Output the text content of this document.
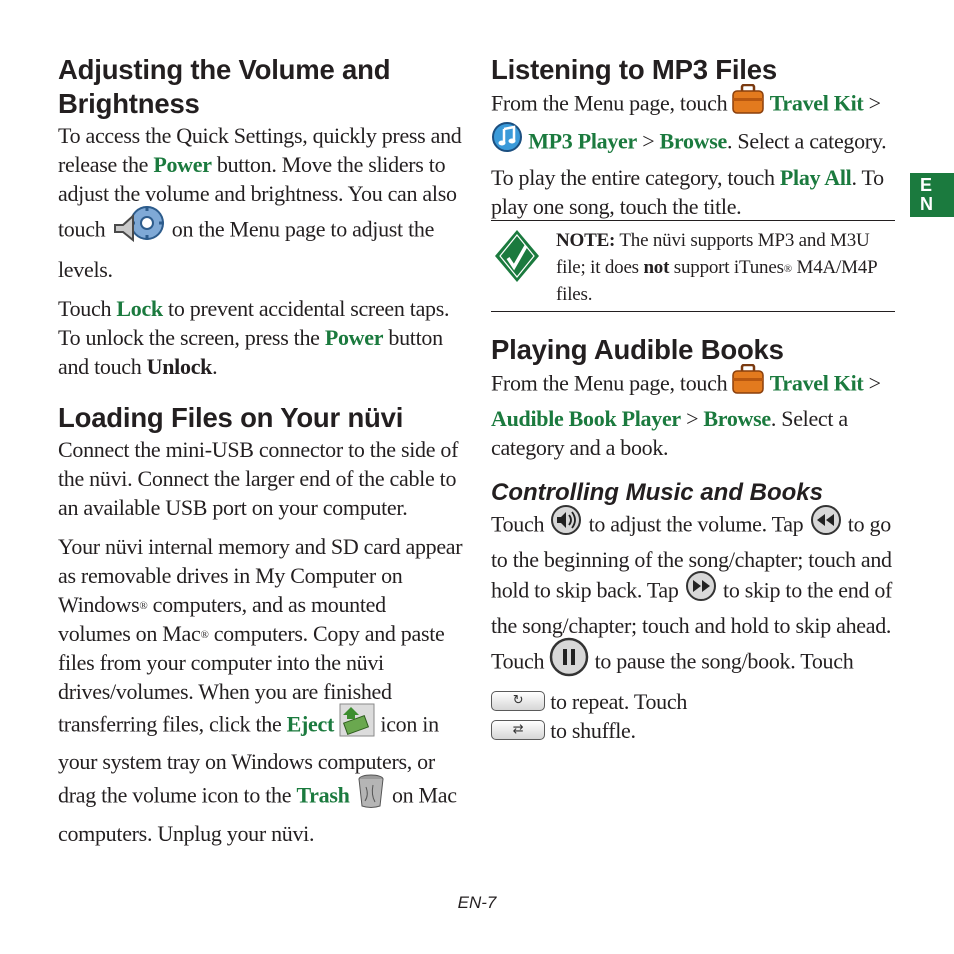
Adjusting the Volume and
Brightness

To access the Quick Settings, quickly press and release the Power button. Move the sliders to adjust the volume and brightness. You can also touch	on the Menu page to adjust the levels.

Touch Lock to prevent accidental screen taps. To unlock the screen, press the Power button and touch Unlock.

Loading Files on Your nüvi

Connect the mini-USB connector to the side of the nüvi. Connect the larger end of the cable to an available USB port on your computer.

Your nüvi internal memory and SD card appear as removable drives in My Computer on Windows® computers, and as mounted volumes on Mac® computers. Copy and paste files from your computer into the nüvi drives/volumes. When you are finished transferring files, click the Eject  icon in your system tray on Windows computers, or drag the volume icon to the Trash  on Mac computers. Unplug your nüvi.

Listening to MP3 Files

From the Menu page, touch  Travel Kit >  MP3 Player > Browse. Select a category. To play the entire category, touch Play All. To play one song, touch the title.

NOTE: The nüvi supports MP3 and M3U file; it does not support iTunes® M4A/M4P files.

Playing Audible Books

From the Menu page, touch  Travel Kit > Audible Book Player > Browse. Select a category and a book.

Controlling Music and Books

Touch  to adjust the volume. Tap  to go to the beginning of the song/chapter; touch and hold to skip back. Tap  to skip to the end of the song/chapter; touch and hold to skip ahead. Touch  to pause the song/book. Touch ↻ to repeat. Touch
⇄ to shuffle.

E
N
EN-7
